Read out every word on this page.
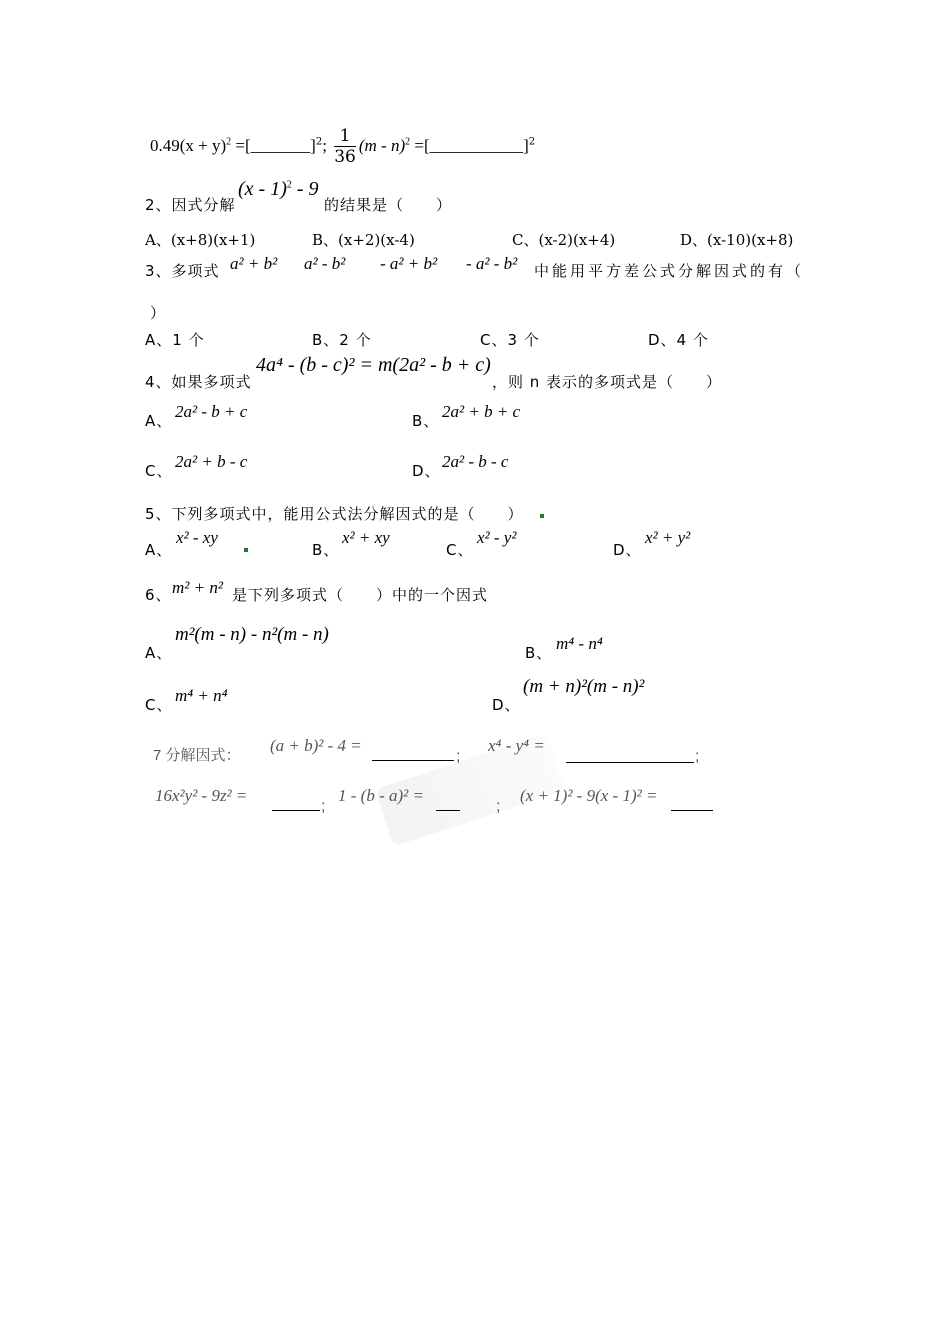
$0.49(x + y)^2$ =[_______]$^2$; $\frac{1}{36} (m - n)^2$ =[___________]$^2$
2、因式分解
(x - 1)$^2$ - 9
的结果是（　　）
A、(x+8)(x+1)	B、(x+2)(x-4)	C、(x-2)(x+4)	D、(x-10)(x+8)
3、多项式 a² + b² a² - b² - a² + b² - a² - b² 中能用平方差公式分解因式的有（
）
A、1 个	B、2 个	C、3 个	D、4 个
4、如果多项式
4a⁴ - (b - c)² = m(2a² - b + c)
，则 n 表示的多项式是（　　）
A、 2a² - b + c	B、 2a² + b + c
C、 2a² + b - c	D、 2a² - b - c
5、下列多项式中，能用公式法分解因式的是（　　）
A、
x² - xy
B、
x² + xy
C、
x² - y²
D、
x² + y²
6、 m² + n² 是下列多项式（　　）中的一个因式
A、
m²(m - n) - n²(m - n)
B、 m⁴ - n⁴
C、 m⁴ + n⁴	D、
(m + n)²(m - n)²
7 分解因式：
(a + b)² - 4 =
;
x⁴ - y⁴ =
;
16x²y² - 9z² =
;
1 - (b - a)² =
;
(x + 1)² - 9(x - 1)² =
